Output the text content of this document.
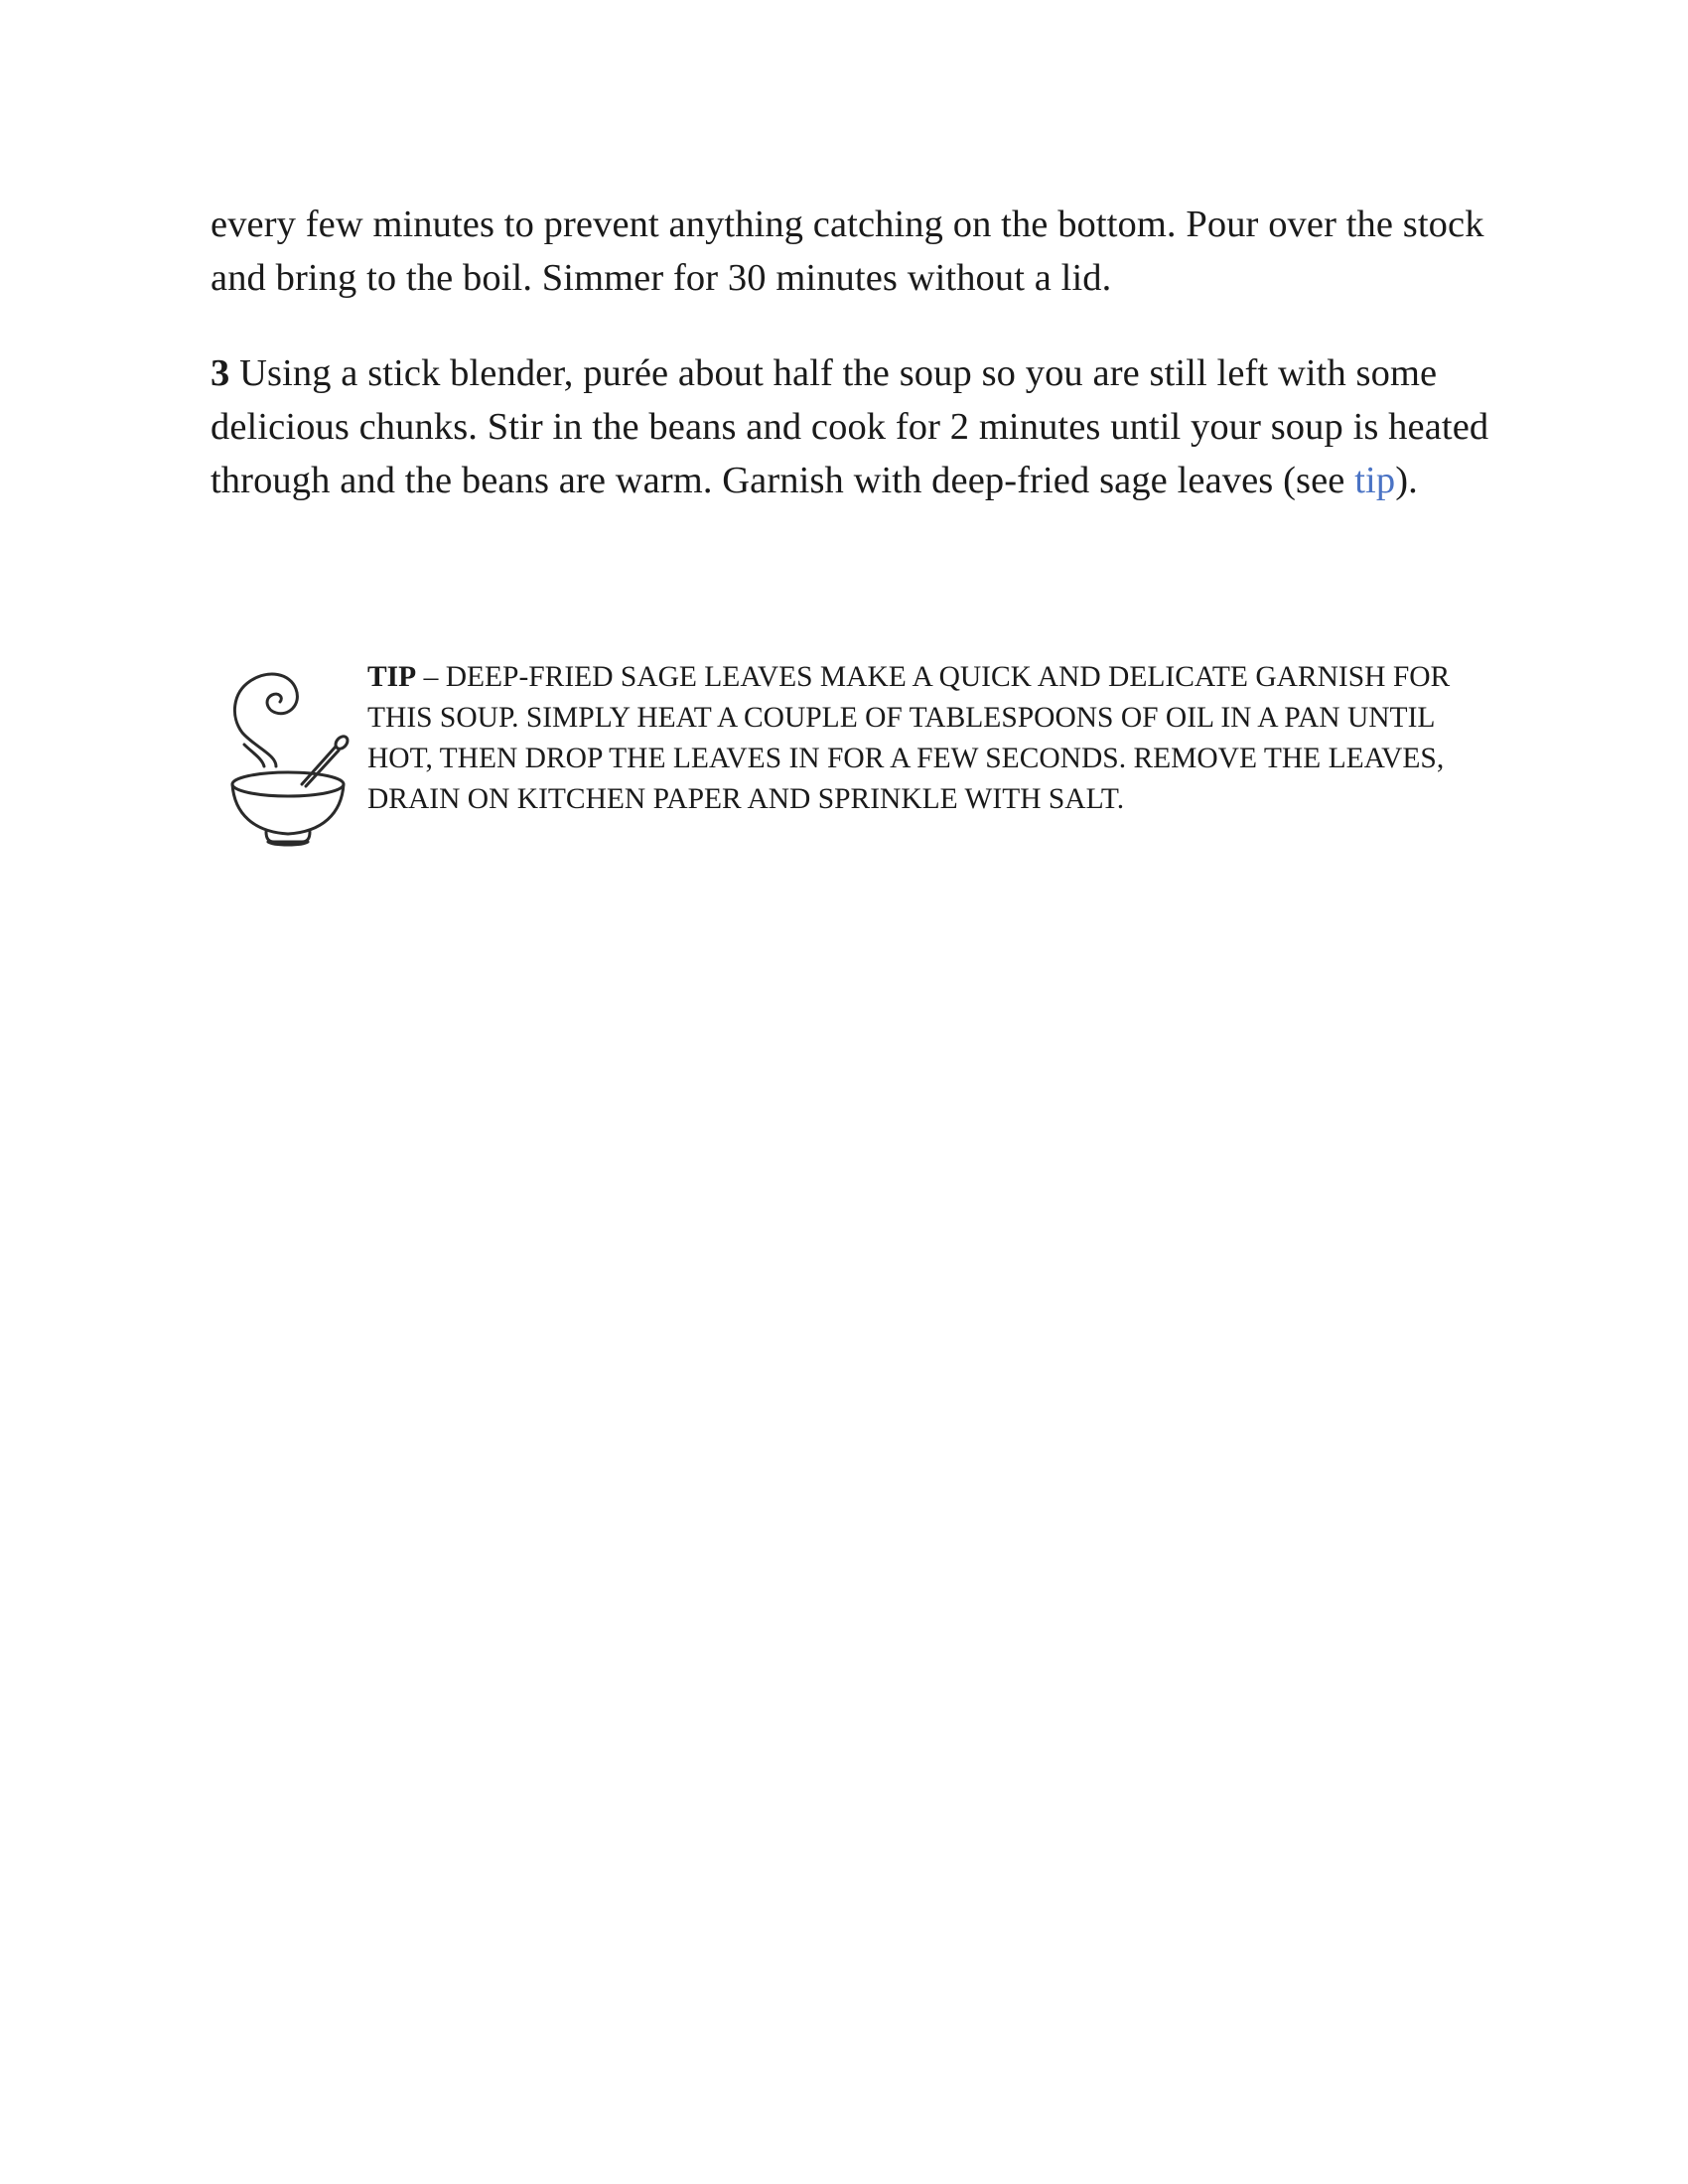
every few minutes to prevent anything catching on the bottom. Pour over the stock and bring to the boil. Simmer for 30 minutes without a lid.

3 Using a stick blender, purée about half the soup so you are still left with some delicious chunks. Stir in the beans and cook for 2 minutes until your soup is heated through and the beans are warm. Garnish with deep-fried sage leaves (see tip).

TIP – DEEP-FRIED SAGE LEAVES MAKE A QUICK AND DELICATE GARNISH FOR THIS SOUP. SIMPLY HEAT A COUPLE OF TABLESPOONS OF OIL IN A PAN UNTIL HOT, THEN DROP THE LEAVES IN FOR A FEW SECONDS. REMOVE THE LEAVES, DRAIN ON KITCHEN PAPER AND SPRINKLE WITH SALT.
